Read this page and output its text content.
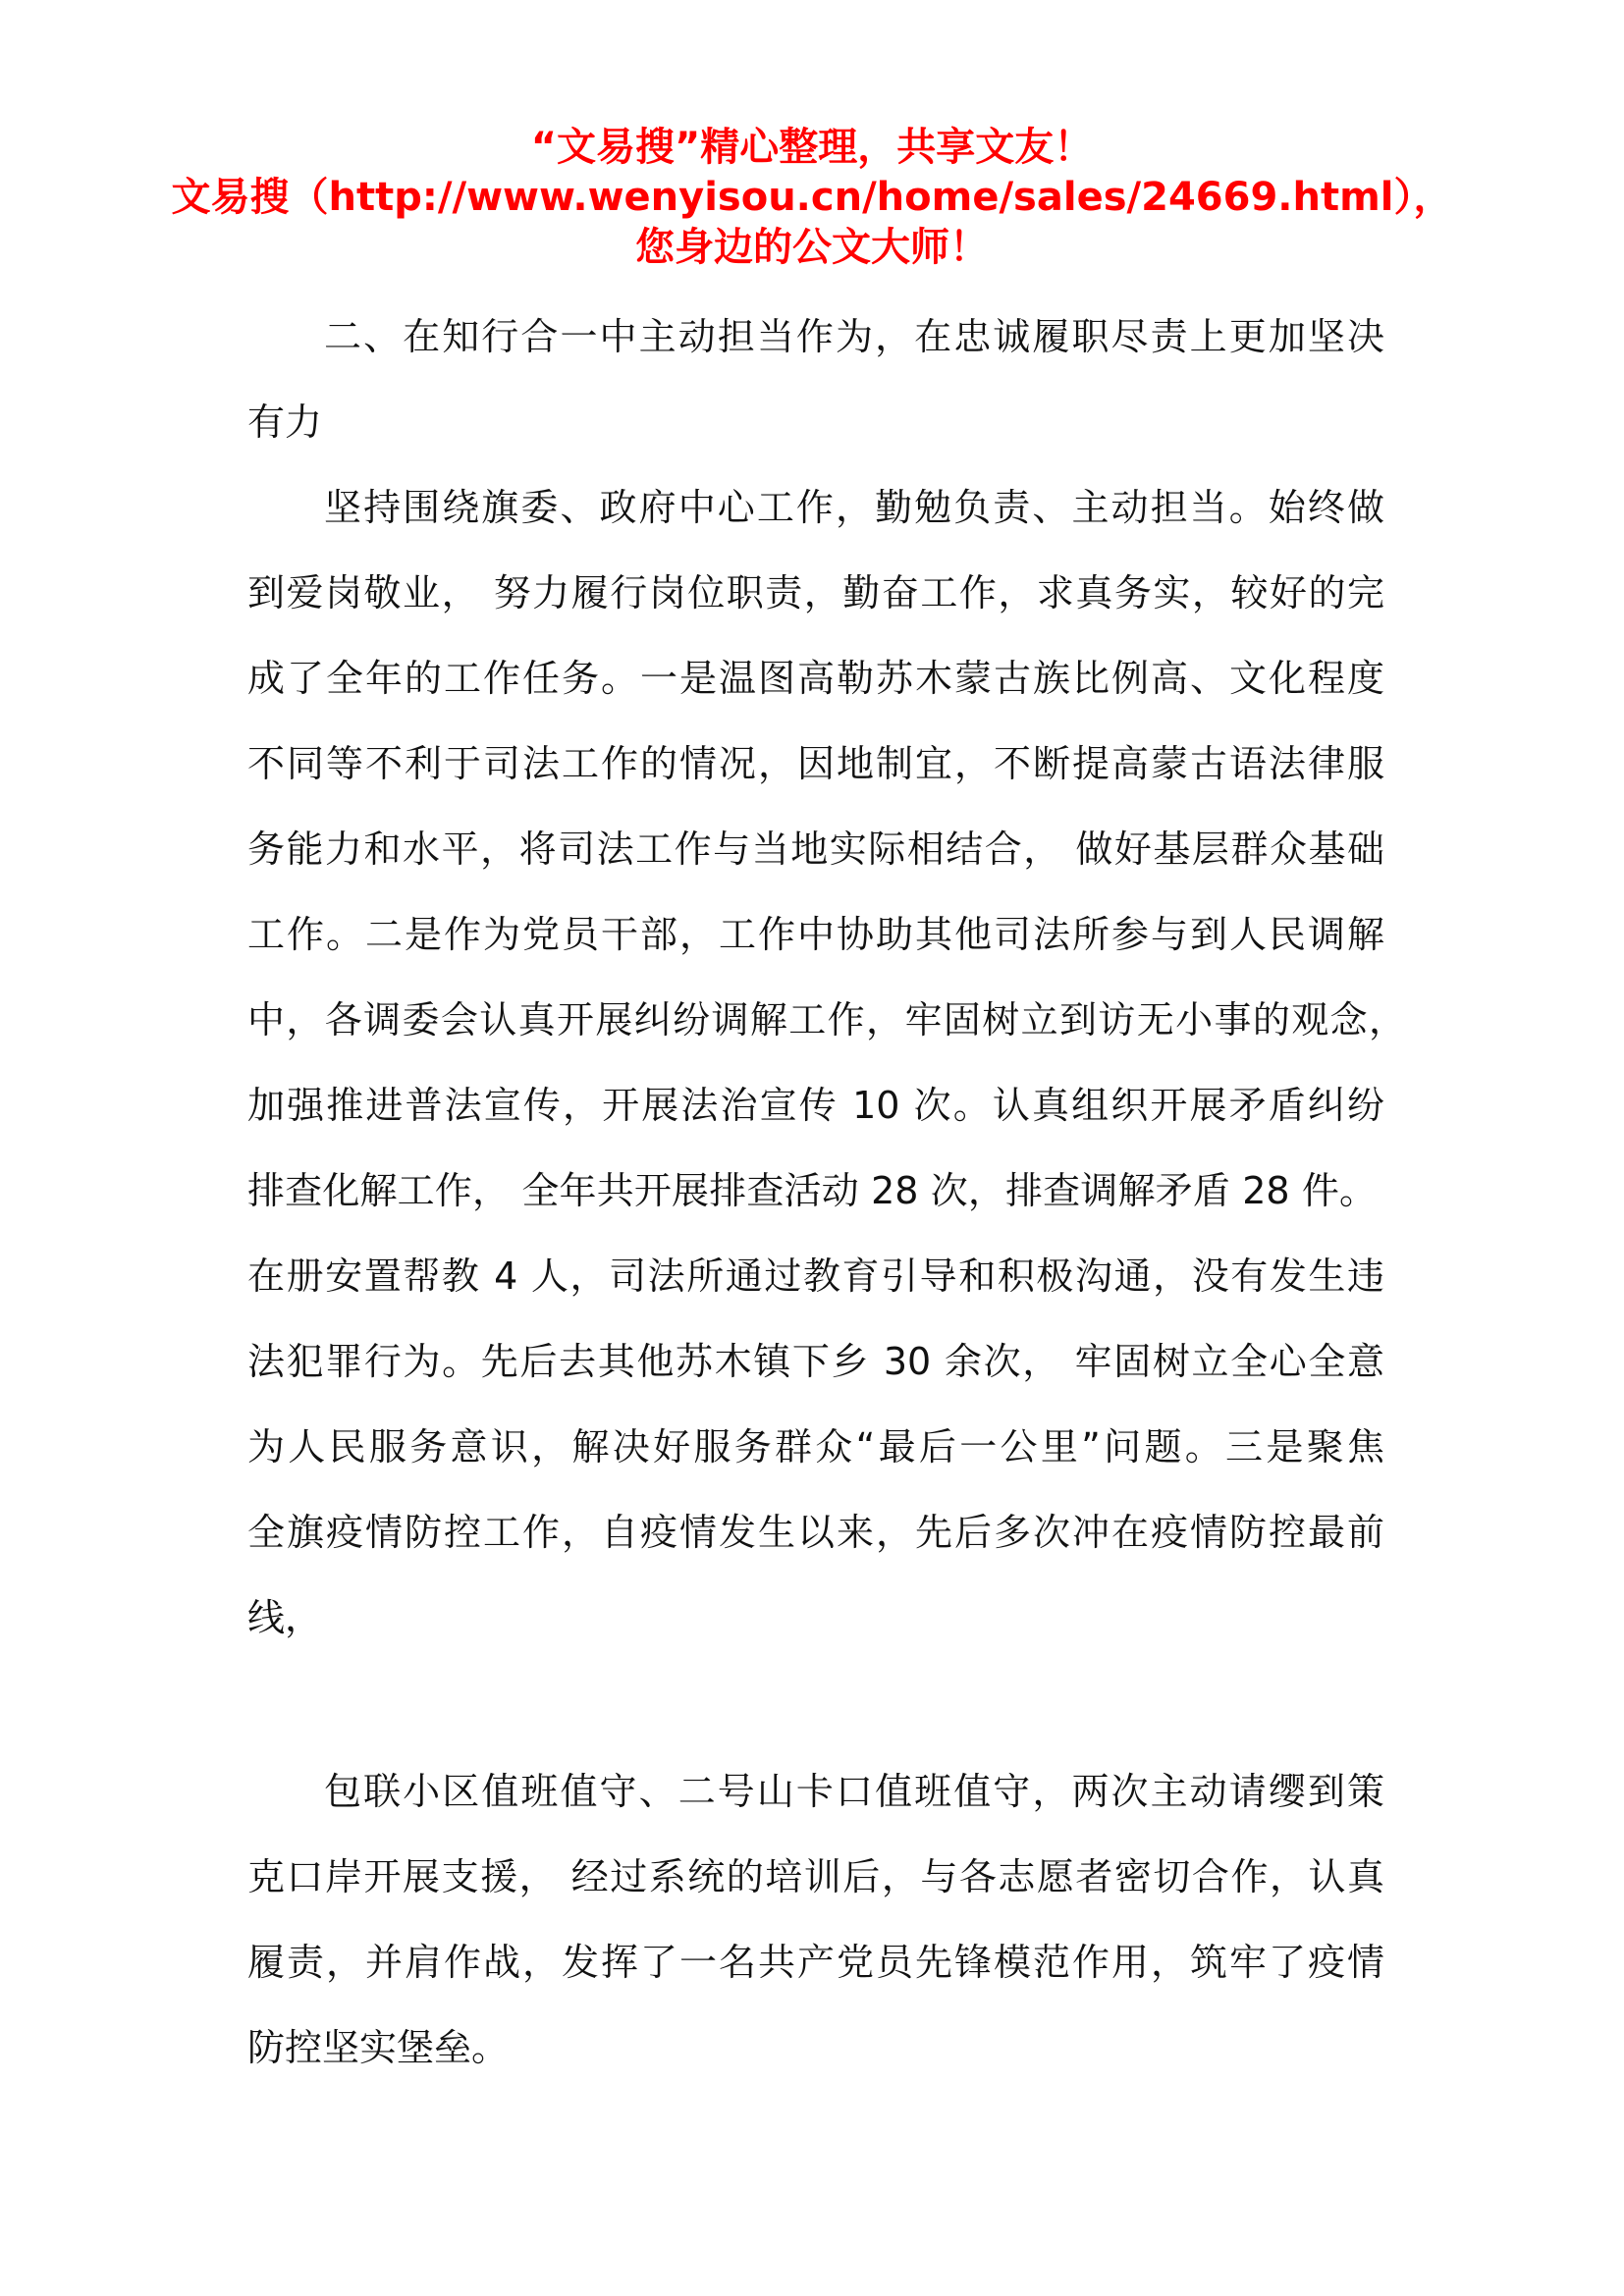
“文易搜”精心整理，共享文友！
文易搜（http://www.wenyisou.cn/home/sales/24669.html），
您身边的公文大师！
二、在知行合一中主动担当作为，在忠诚履职尽责上更加坚决
有力
坚持围绕旗委、政府中心工作，勤勉负责、主动担当。始终做
到爱岗敬业， 努力履行岗位职责，勤奋工作，求真务实，较好的完
成了全年的工作任务。一是温图高勒苏木蒙古族比例高、文化程度
不同等不利于司法工作的情况，因地制宜，不断提高蒙古语法律服
务能力和水平，将司法工作与当地实际相结合， 做好基层群众基础
工作。二是作为党员干部，工作中协助其他司法所参与到人民调解
中，各调委会认真开展纠纷调解工作，牢固树立到访无小事的观念，
加强推进普法宣传，开展法治宣传 10 次。认真组织开展矛盾纠纷
排查化解工作， 全年共开展排查活动 28 次，排查调解矛盾 28 件。
在册安置帮教 4 人，司法所通过教育引导和积极沟通，没有发生违
法犯罪行为。先后去其他苏木镇下乡 30 余次， 牢固树立全心全意
为人民服务意识，解决好服务群众“最后一公里”问题。三是聚焦
全旗疫情防控工作，自疫情发生以来，先后多次冲在疫情防控最前
线，
包联小区值班值守、二号山卡口值班值守，两次主动请缨到策
克口岸开展支援， 经过系统的培训后，与各志愿者密切合作，认真
履责，并肩作战，发挥了一名共产党员先锋模范作用，筑牢了疫情
防控坚实堡垒。
